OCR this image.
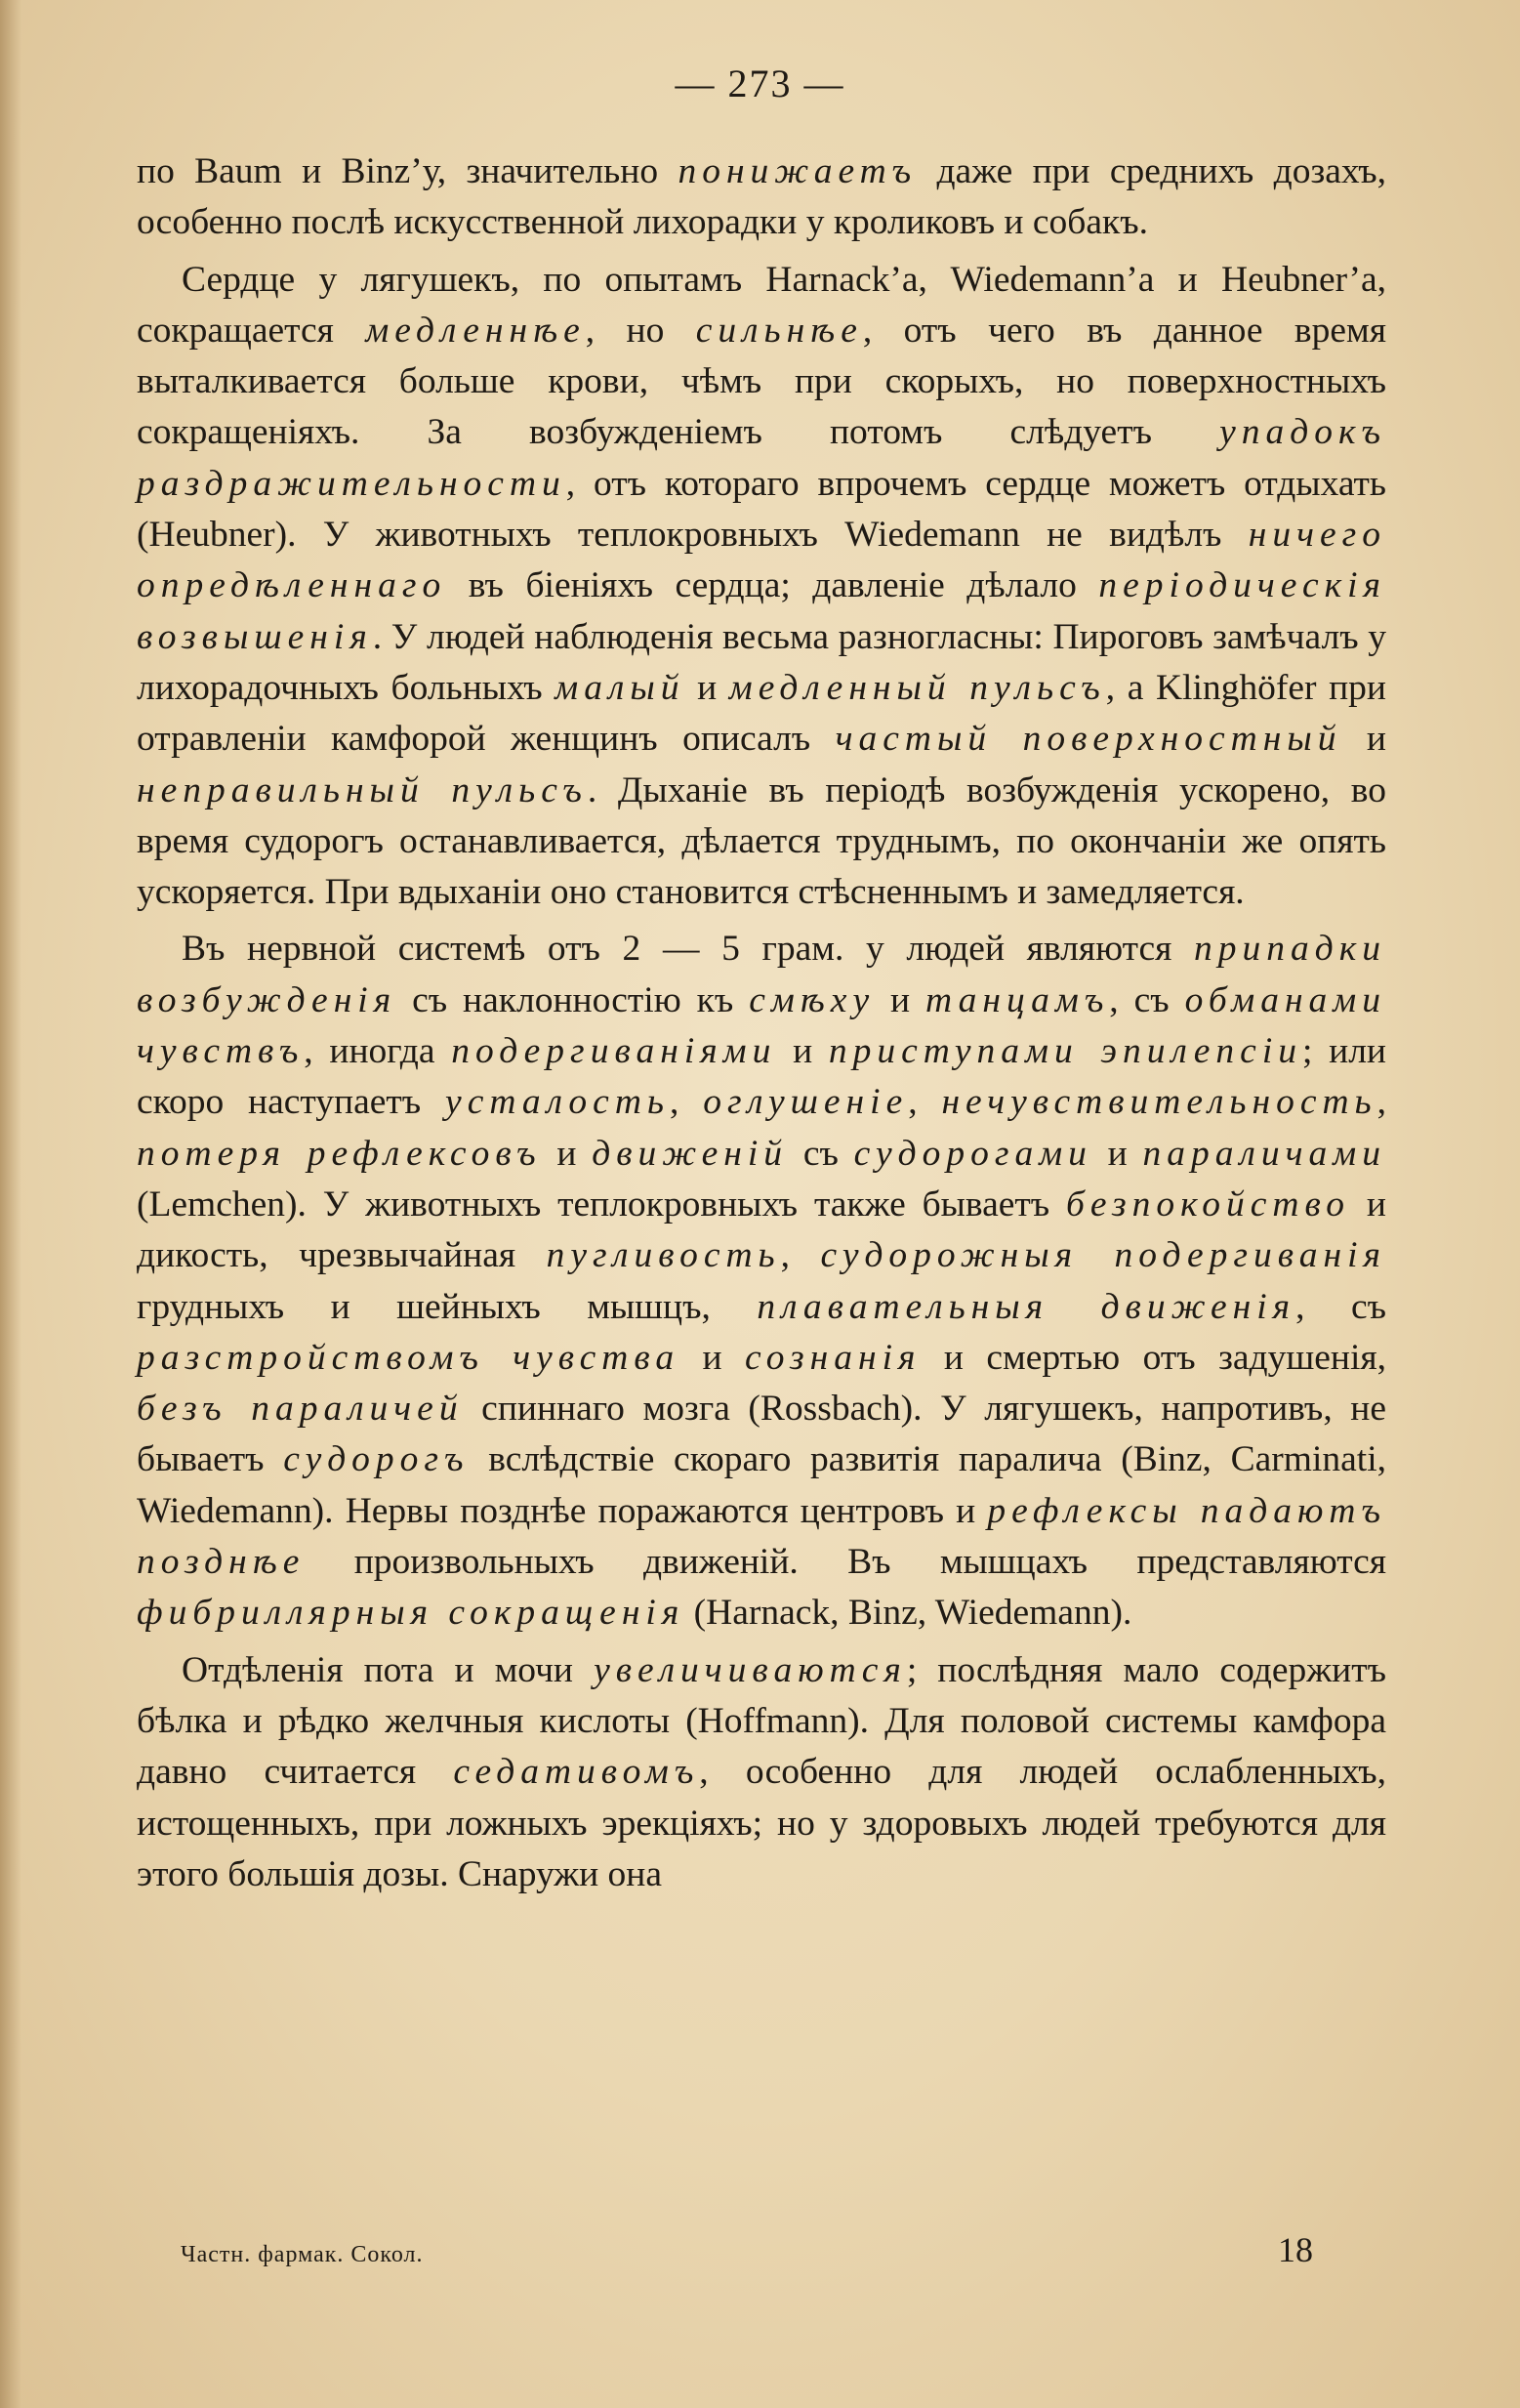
— 273 —

по Baum и Binz’у, значительно понижаетъ даже при среднихъ дозахъ, особенно послѣ искусственной лихорадки у кроликовъ и собакъ.

Сердце у лягушекъ, по опытамъ Harnack’a, Wiedemann’a и Heubner’a, сокращается медленнѣе, но сильнѣе, отъ чего въ данное время выталкивается больше крови, чѣмъ при скорыхъ, но поверхностныхъ сокращеніяхъ. За возбужденіемъ потомъ слѣдуетъ упадокъ раздражительности, отъ котораго впрочемъ сердце можетъ отдыхать (Heubner). У животныхъ теплокровныхъ Wiedemann не видѣлъ ничего опредѣленнаго въ біеніяхъ сердца; давленіе дѣлало періодическія возвышенія. У людей наблюденія весьма разногласны: Пироговъ замѣчалъ у лихорадочныхъ больныхъ малый и медленный пульсъ, а Klinghöfer при отравленіи камфорой женщинъ описалъ частый поверхностный и неправильный пульсъ. Дыханіе въ періодѣ возбужденія ускорено, во время судорогъ останавливается, дѣлается труднымъ, по окончаніи же опять ускоряется. При вдыханіи оно становится стѣсненнымъ и замедляется.

Въ нервной системѣ отъ 2 — 5 грам. у людей являются припадки возбужденія съ наклонностію къ смѣху и танцамъ, съ обманами чувствъ, иногда подергиваніями и приступами эпилепсіи; или скоро наступаетъ усталость, оглушеніе, нечувствительность, потеря рефлексовъ и движеній съ судорогами и параличами (Lemchen). У животныхъ теплокровныхъ также бываетъ безпокойство и дикость, чрезвычайная пугливость, судорожныя подергиванія грудныхъ и шейныхъ мышцъ, плавательныя движенія, съ разстройствомъ чувства и сознанія и смертью отъ задушенія, безъ параличей спиннаго мозга (Rossbach). У лягушекъ, напротивъ, не бываетъ судорогъ вслѣдствіе скораго развитія паралича (Binz, Carminati, Wiedemann). Нервы позднѣе поражаются центровъ и рефлексы падаютъ позднѣе произвольныхъ движеній. Въ мышцахъ представляются фибриллярныя сокращенія (Harnack, Binz, Wiedemann).

Отдѣленія пота и мочи увеличиваются; послѣдняя мало содержитъ бѣлка и рѣдко желчныя кислоты (Hoffmann). Для половой системы камфора давно считается седативомъ, особенно для людей ослабленныхъ, истощенныхъ, при ложныхъ эрекціяхъ; но у здоровыхъ людей требуются для этого большія дозы. Снаружи она

Частн. фармак. Сокол.	18
